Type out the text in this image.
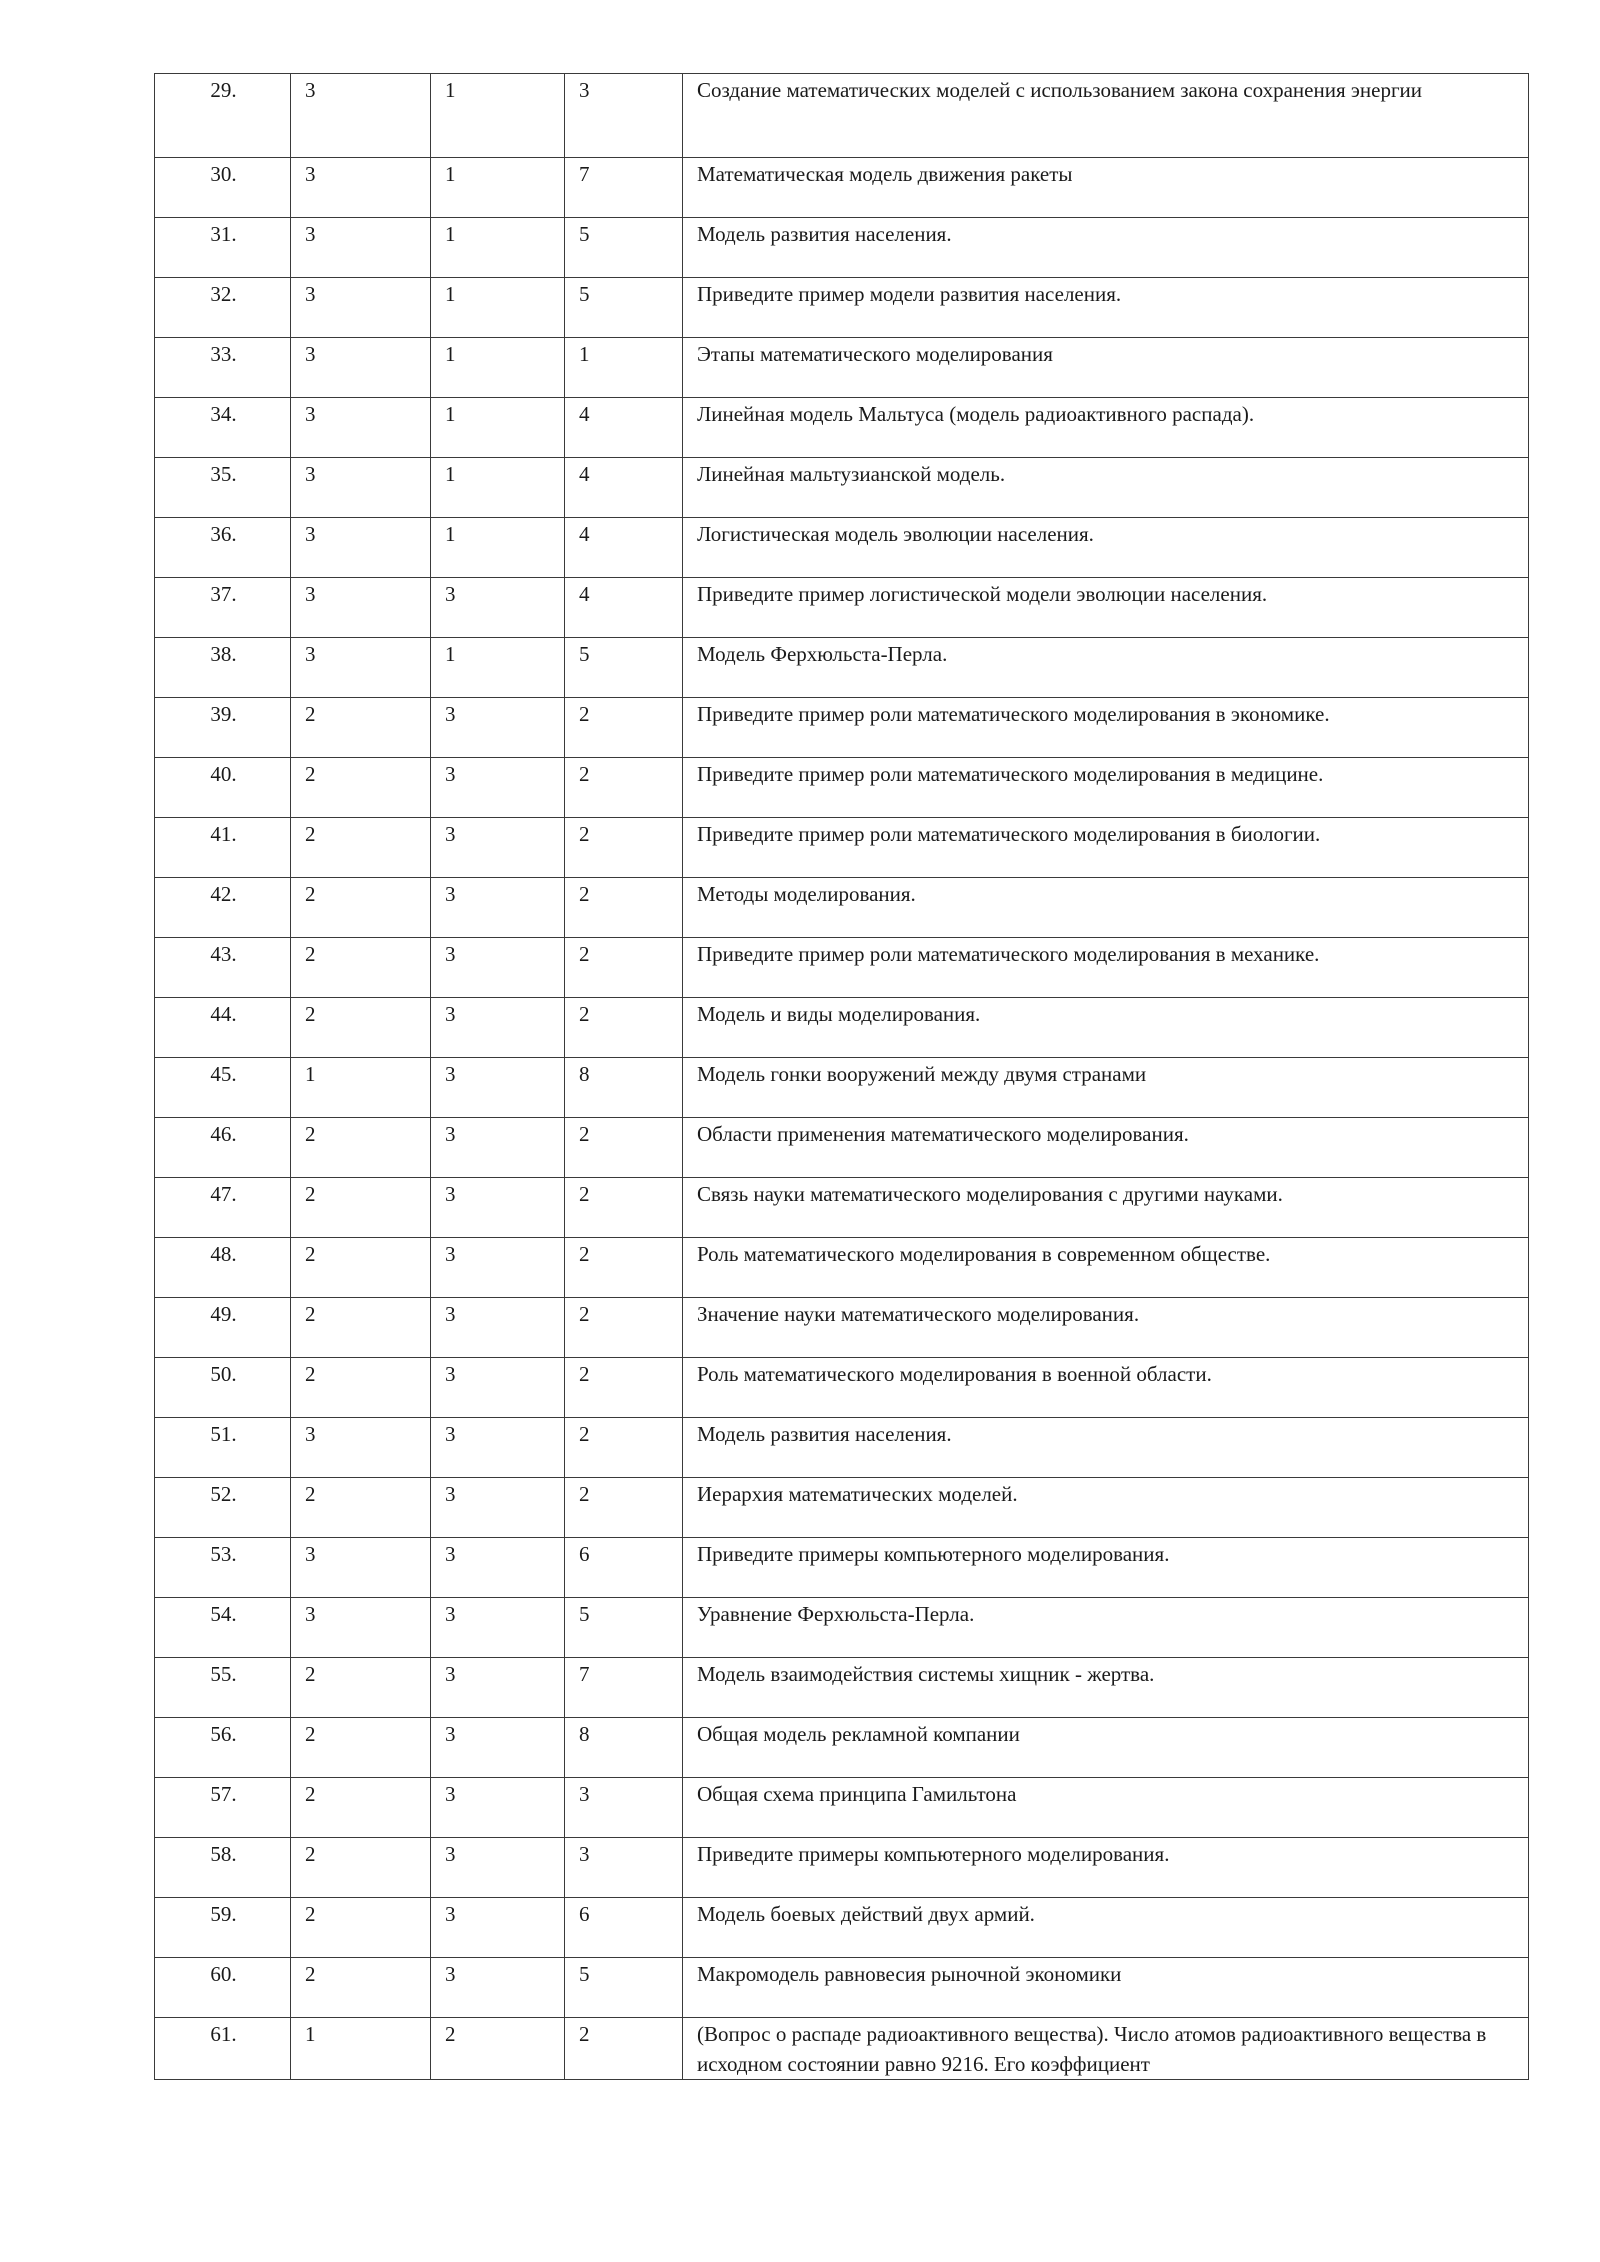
29.	3	1	3	Создание математических моделей с использованием закона сохранения энергии
30.	3	1	7	Математическая модель движения ракеты
31.	3	1	5	Модель развития населения.
32.	3	1	5	Приведите пример модели развития населения.
33.	3	1	1	Этапы математического моделирования
34.	3	1	4	Линейная модель Мальтуса (модель радиоактивного распада).
35.	3	1	4	Линейная мальтузианской модель.
36.	3	1	4	Логистическая модель эволюции населения.
37.	3	3	4	Приведите пример логистической модели эволюции населения.
38.	3	1	5	Модель Ферхюльста-Перла.
39.	2	3	2	Приведите пример роли математического моделирования в экономике.
40.	2	3	2	Приведите пример роли математического моделирования в медицине.
41.	2	3	2	Приведите пример роли математического моделирования в биологии.
42.	2	3	2	Методы моделирования.
43.	2	3	2	Приведите пример роли математического моделирования в механике.
44.	2	3	2	Модель и виды моделирования.
45.	1	3	8	Модель гонки вооружений между двумя странами
46.	2	3	2	Области применения математического моделирования.
47.	2	3	2	Связь науки математического моделирования с другими науками.
48.	2	3	2	Роль математического моделирования в современном обществе.
49.	2	3	2	Значение науки математического моделирования.
50.	2	3	2	Роль математического моделирования в военной области.
51.	3	3	2	Модель развития населения.
52.	2	3	2	Иерархия математических моделей.
53.	3	3	6	Приведите примеры компьютерного моделирования.
54.	3	3	5	Уравнение Ферхюльста-Перла.
55.	2	3	7	Модель взаимодействия системы хищник - жертва.
56.	2	3	8	Общая модель рекламной компании
57.	2	3	3	Общая схема принципа Гамильтона
58.	2	3	3	Приведите примеры компьютерного моделирования.
59.	2	3	6	Модель боевых действий двух армий.
60.	2	3	5	Макромодель равновесия рыночной экономики
61.	1	2	2	(Вопрос о распаде радиоактивного вещества). Число атомов радиоактивного вещества в исходном состоянии равно 9216. Его коэффициент
